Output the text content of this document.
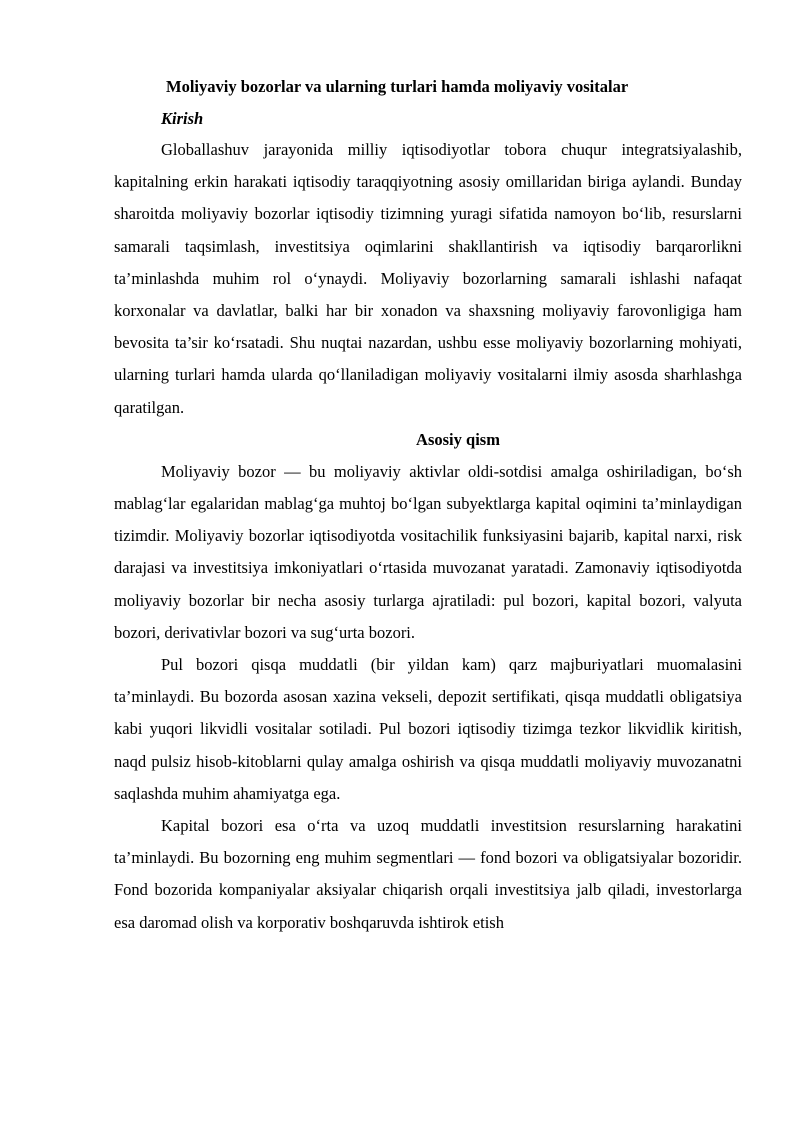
Moliyaviy bozorlar va ularning turlari hamda moliyaviy vositalar
Kirish

Globallashuv jarayonida milliy iqtisodiyotlar tobora chuqur integratsiyalashib, kapitalning erkin harakati iqtisodiy taraqqiyotning asosiy omillaridan biriga aylandi. Bunday sharoitda moliyaviy bozorlar iqtisodiy tizimning yuragi sifatida namoyon bo‘lib, resurslarni samarali taqsimlash, investitsiya oqimlarini shakllantirish va iqtisodiy barqarorlikni ta’minlashda muhim rol o‘ynaydi. Moliyaviy bozorlarning samarali ishlashi nafaqat korxonalar va davlatlar, balki har bir xonadon va shaxsning moliyaviy farovonligiga ham bevosita ta’sir ko‘rsatadi. Shu nuqtai nazardan, ushbu esse moliyaviy bozorlarning mohiyati, ularning turlari hamda ularda qo‘llaniladigan moliyaviy vositalarni ilmiy asosda sharhlashga qaratilgan.

Asosiy qism

Moliyaviy bozor — bu moliyaviy aktivlar oldi-sotdisi amalga oshiriladigan, bo‘sh mablag‘lar egalaridan mablag‘ga muhtoj bo‘lgan subyektlarga kapital oqimini ta’minlaydigan tizimdir. Moliyaviy bozorlar iqtisodiyotda vositachilik funksiyasini bajarib, kapital narxi, risk darajasi va investitsiya imkoniyatlari o‘rtasida muvozanat yaratadi. Zamonaviy iqtisodiyotda moliyaviy bozorlar bir necha asosiy turlarga ajratiladi: pul bozori, kapital bozori, valyuta bozori, derivativlar bozori va sug‘urta bozori.

Pul bozori qisqa muddatli (bir yildan kam) qarz majburiyatlari muomalasini ta’minlaydi. Bu bozorda asosan xazina vekseli, depozit sertifikati, qisqa muddatli obligatsiya kabi yuqori likvidli vositalar sotiladi. Pul bozori iqtisodiy tizimga tezkor likvidlik kiritish, naqd pulsiz hisob-kitoblarni qulay amalga oshirish va qisqa muddatli moliyaviy muvozanatni saqlashda muhim ahamiyatga ega.

Kapital bozori esa o‘rta va uzoq muddatli investitsion resurslarning harakatini ta’minlaydi. Bu bozorning eng muhim segmentlari — fond bozori va obligatsiyalar bozoridir. Fond bozorida kompaniyalar aksiyalar chiqarish orqali investitsiya jalb qiladi, investorlarga esa daromad olish va korporativ boshqaruvda ishtirok etish
